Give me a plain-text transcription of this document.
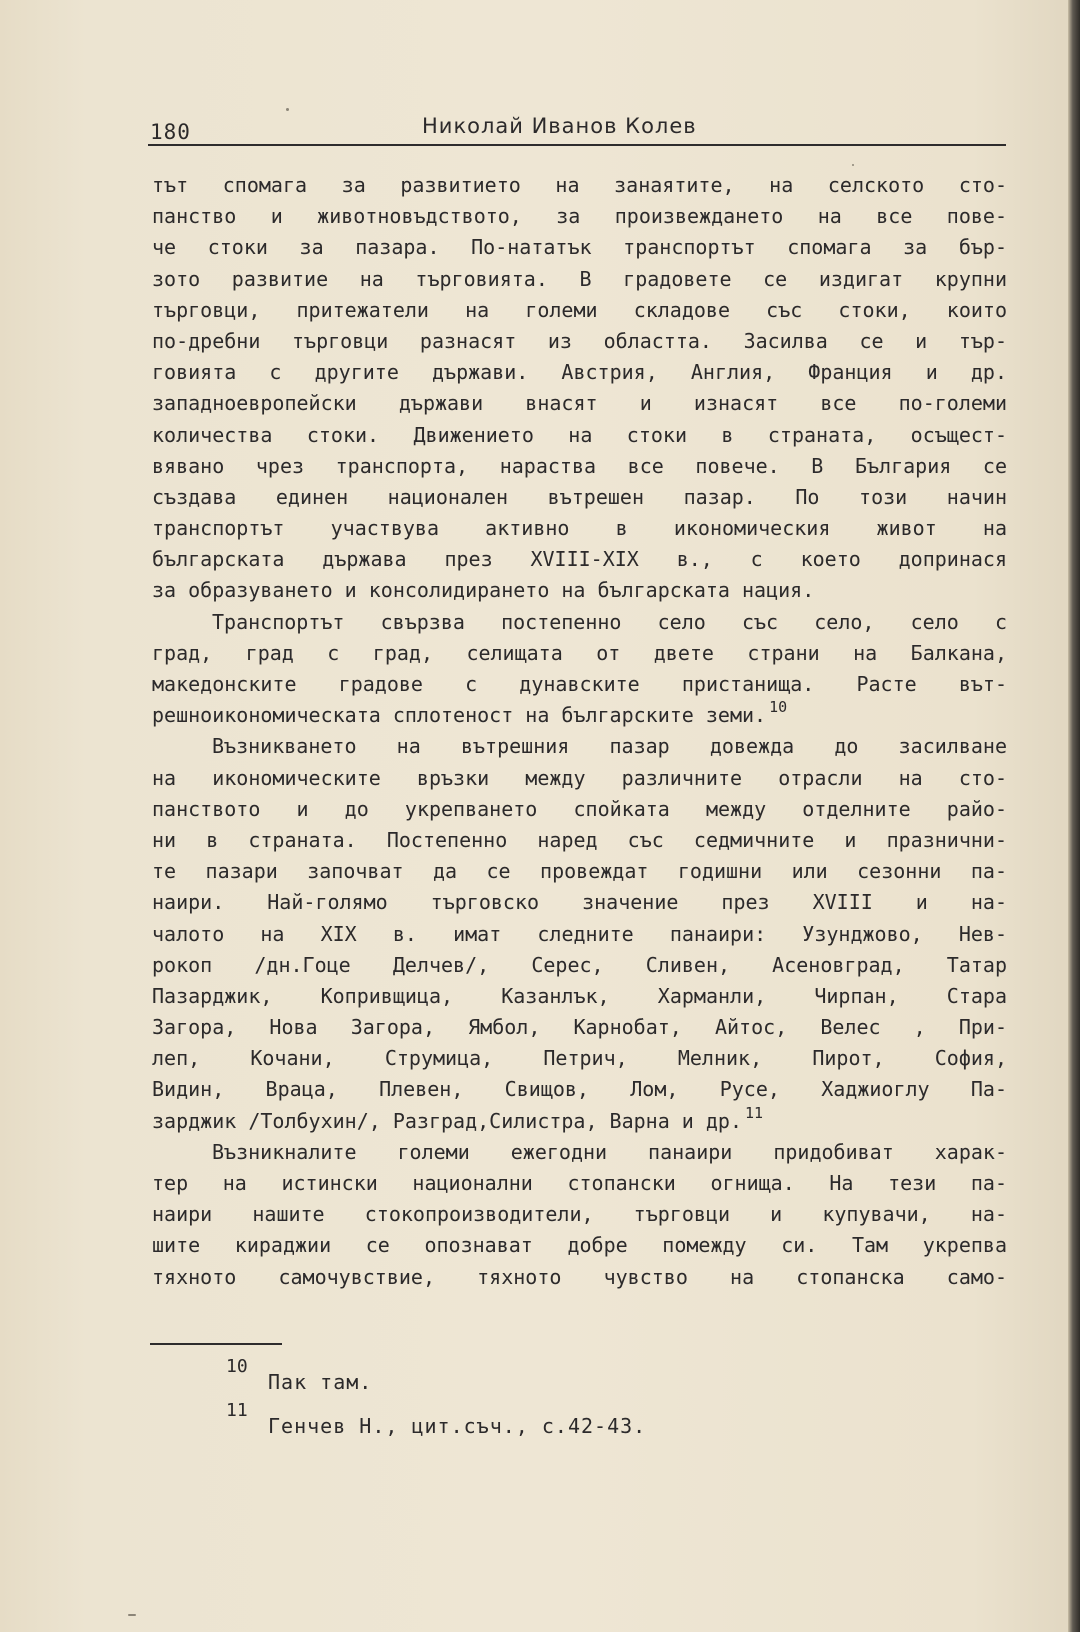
180	Николай Иванов Колев
тът спомага за развитието на занаятите, на селското сто-
панство и животновъдството, за произвеждането на все пове-
че стоки за пазара. По-нататък транспортът спомага за бър-
зото развитие на търговията. В градовете се издигат крупни
търговци, притежатели на големи складове със стоки, които
по-дребни търговци разнасят из областта. Засилва се и тър-
говията с другите държави. Австрия, Англия, Франция и др.
западноевропейски държави внасят и изнасят все по-големи
количества стоки. Движението на стоки в страната, осъщест-
вявано чрез транспорта, нараства все повече. В България се
създава единен национален вътрешен пазар. По този начин
транспортът участвува активно в икономическия живот на
българската държава през XVIII-XIX в., с което допринася
за образуването и консолидирането на българската нация.
Транспортът свързва постепенно село със село, село с
град, град с град, селищата от двете страни на Балкана,
македонските градове с дунавските пристанища. Расте вът-
решноикономическата сплотеност на българските земи. $^{10}$
Възникването на вътрешния пазар довежда до засилване
на икономическите връзки между различните отрасли на сто-
панството и до укрепването спойката между отделните райо-
ни в страната. Постепенно наред със седмичните и празнични-
те пазари започват да се провеждат годишни или сезонни па-
наири. Най-голямо търговско значение през XVIII и на-
чалото на XIX в. имат следните панаири: Узунджово, Нев-
рокоп /дн.Гоце Делчев/, Серес, Сливен, Асеновград, Татар
Пазарджик, Копривщица, Казанлък, Харманли, Чирпан, Стара
Загора, Нова Загора, Ямбол, Карнобат, Айтос, Велес , При-
леп, Кочани, Струмица, Петрич, Мелник, Пирот, София,
Видин, Враца, Плевен, Свищов, Лом, Русе, Хаджиоглу Па-
зарджик /Толбухин/, Разград,Силистра, Варна и др. $^{11}$
Възникналите големи ежегодни панаири придобиват харак-
тер на истински национални стопански огнища. На тези па-
наири нашите стокопроизводители, търговци и купувачи, на-
шите кираджии се опознават добре помежду си. Там укрепва
тяхното самочувствие, тяхното чувство на стопанска само-
10
Пак там.
11
Генчев Н., цит.съч., с.42-43.
